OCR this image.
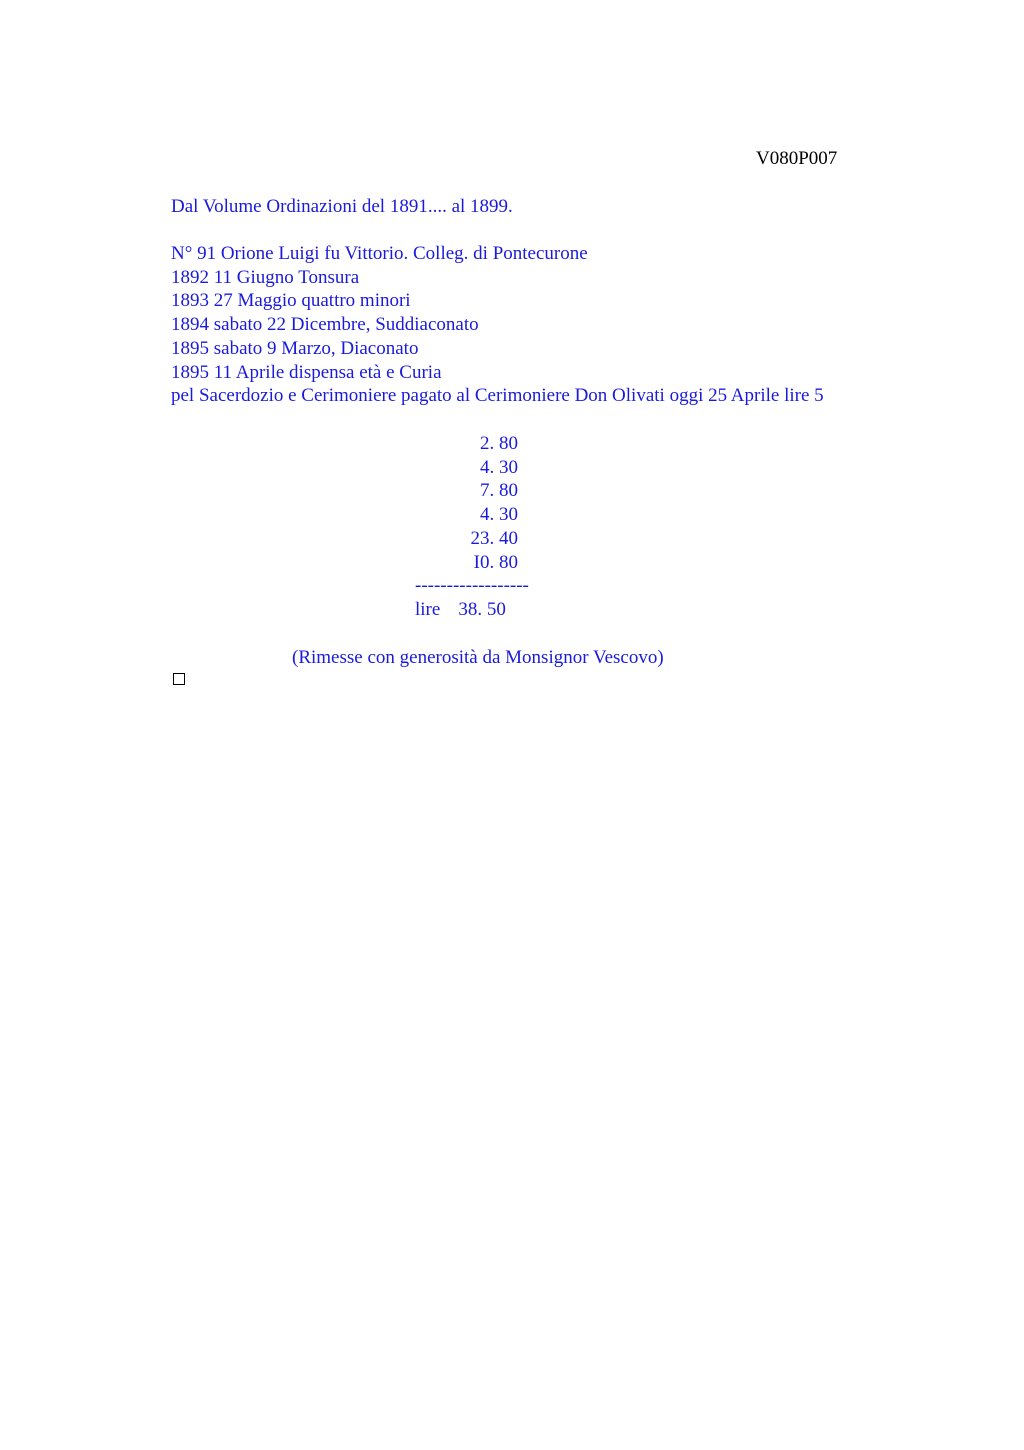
V080P007
Dal Volume Ordinazioni del 1891.... al 1899.
N° 91 Orione Luigi fu Vittorio. Colleg. di Pontecurone
1892 11 Giugno Tonsura
1893 27 Maggio quattro minori
1894 sabato 22 Dicembre, Suddiaconato
1895 sabato 9 Marzo, Diaconato
1895 11 Aprile dispensa età e Curia
pel Sacerdozio e Cerimoniere pagato al Cerimoniere Don Olivati oggi 25 Aprile lire 5
2. 80
4. 30
7. 80
4. 30
23. 40
I0. 80
------------------
lire 38. 50
(Rimesse con generosità da Monsignor Vescovo)
